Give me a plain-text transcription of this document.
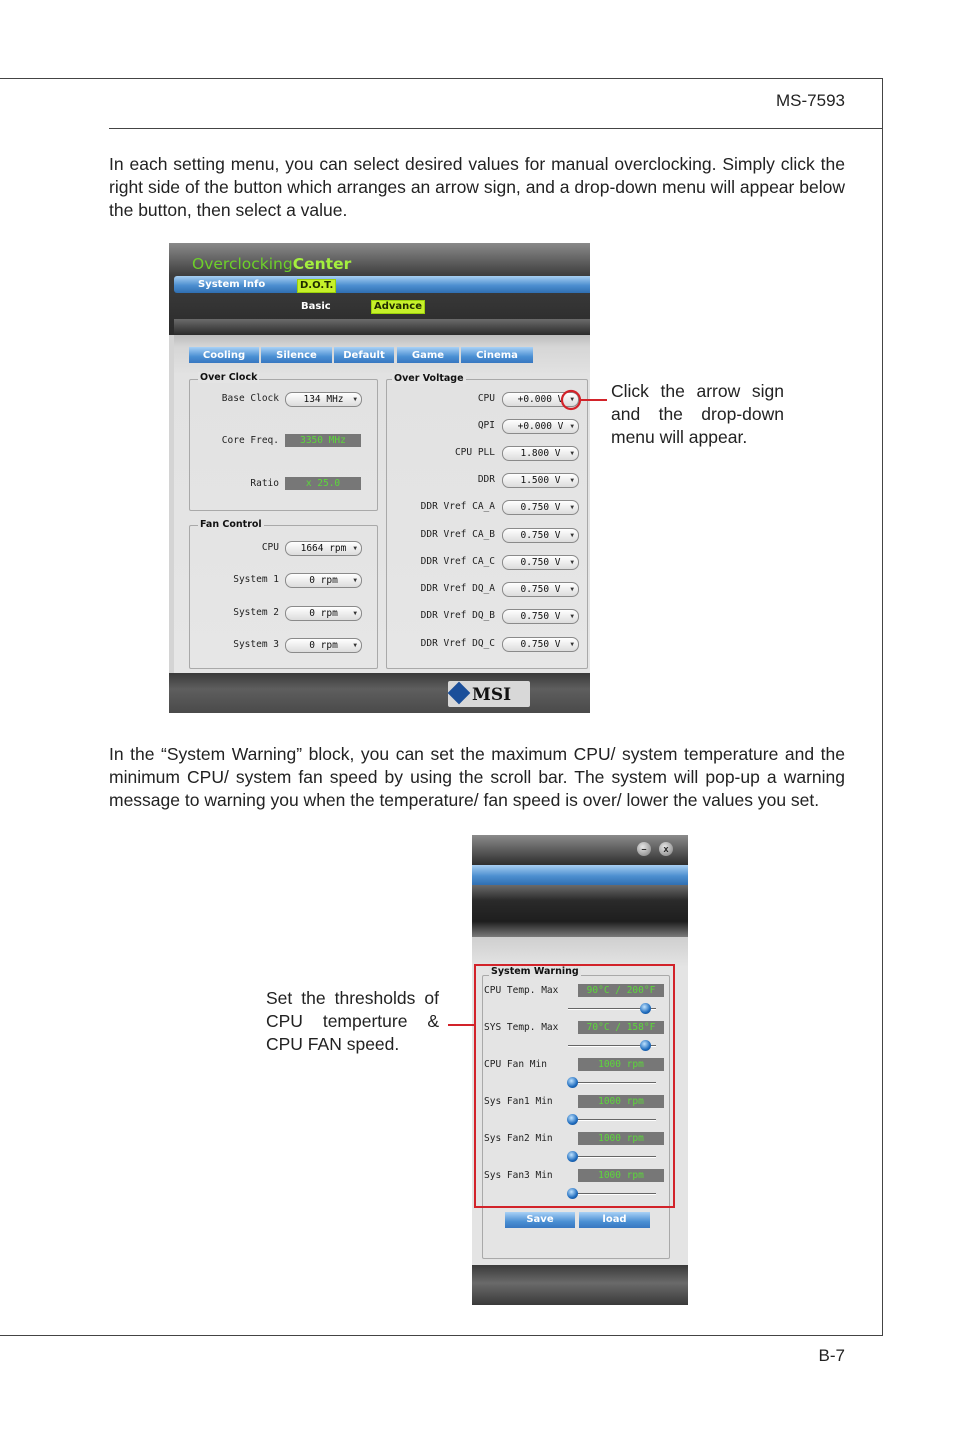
MS-7593
In each setting menu, you can select desired values for manual overclocking. Simply click the right side of the button which arranges an arrow sign, and a drop-down menu will appear below the button, then select a value.
OverclockingCenter
System Info	D.O.T.
Basic	Advance
Cooling	Silence	Default	Game	Cinema
Over Clock
Base Clock	134 MHz ▼
Core Freq.	3350 MHz
Ratio	x 25.0
Fan Control
CPU	1664 rpm ▼
System 1	0 rpm	▼
System 2	0 rpm	▼
System 3	0 rpm	▼
Over Voltage
CPU	+0.000 V ▼
QPI	+0.000 V ▼
CPU PLL	1.800 V ▼
DDR	1.500 V ▼
DDR Vref CA_A	0.750 V ▼
DDR Vref CA_B	0.750 V ▼
DDR Vref CA_C	0.750 V ▼
DDR Vref DQ_A	0.750 V ▼
DDR Vref DQ_B	0.750 V ▼
DDR Vref DQ_C	0.750 V ▼
MSI
Click the arrow sign and the drop-down menu will appear.
In the “System Warning” block, you can set the maximum CPU/ system temperature and the minimum CPU/ system fan speed by using the scroll bar. The system will pop-up a warning message to warning you when the temperature/ fan speed is over/ lower the values you set.
–	x
System Warning
CPU Temp. Max	90°C / 200°F
SYS Temp. Max	70°C / 158°F
CPU Fan Min	1000 rpm
Sys Fan1 Min	1000 rpm
Sys Fan2 Min	1000 rpm
Sys Fan3 Min	1000 rpm
Save	load
Set the thresholds of CPU temperture & CPU FAN speed.
B-7
